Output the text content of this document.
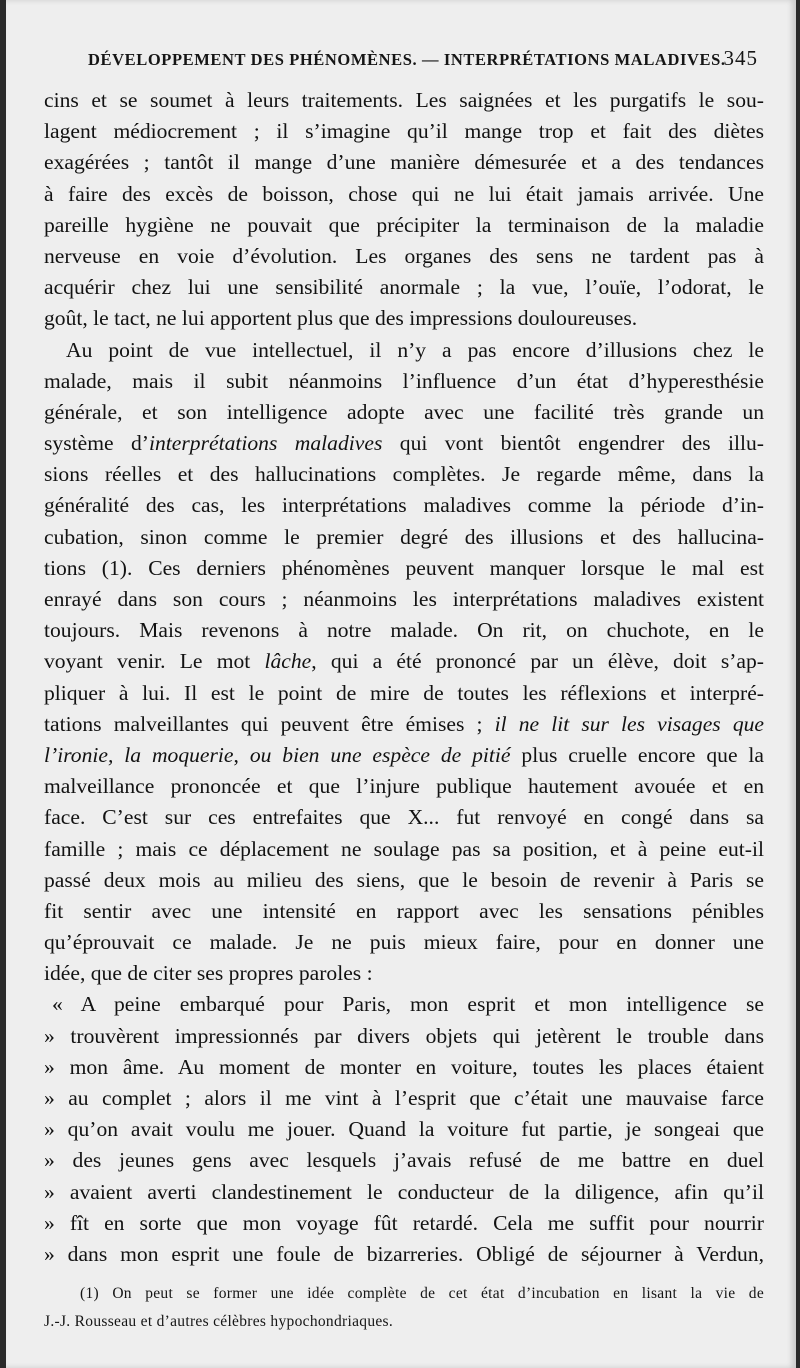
DÉVELOPPEMENT DES PHÉNOMÈNES. — INTERPRÉTATIONS MALADIVES.
345
cins et se soumet à leurs traitements. Les saignées et les purgatifs le sou-
lagent médiocrement ; il s’imagine qu’il mange trop et fait des diètes
exagérées ; tantôt il mange d’une manière démesurée et a des tendances
à faire des excès de boisson, chose qui ne lui était jamais arrivée. Une
pareille hygiène ne pouvait que précipiter la terminaison de la maladie
nerveuse en voie d’évolution. Les organes des sens ne tardent pas à
acquérir chez lui une sensibilité anormale ; la vue, l’ouïe, l’odorat, le
goût, le tact, ne lui apportent plus que des impressions douloureuses.
Au point de vue intellectuel, il n’y a pas encore d’illusions chez le
malade, mais il subit néanmoins l’influence d’un état d’hyperesthésie
générale, et son intelligence adopte avec une facilité très grande un
système d’interprétations maladives qui vont bientôt engendrer des illu-
sions réelles et des hallucinations complètes. Je regarde même, dans la
généralité des cas, les interprétations maladives comme la période d’in-
cubation, sinon comme le premier degré des illusions et des hallucina-
tions (1). Ces derniers phénomènes peuvent manquer lorsque le mal est
enrayé dans son cours ; néanmoins les interprétations maladives existent
toujours. Mais revenons à notre malade. On rit, on chuchote, en le
voyant venir. Le mot lâche, qui a été prononcé par un élève, doit s’ap-
pliquer à lui. Il est le point de mire de toutes les réflexions et interpré-
tations malveillantes qui peuvent être émises ; il ne lit sur les visages que
l’ironie, la moquerie, ou bien une espèce de pitié plus cruelle encore que la
malveillance prononcée et que l’injure publique hautement avouée et en
face. C’est sur ces entrefaites que X... fut renvoyé en congé dans sa
famille ; mais ce déplacement ne soulage pas sa position, et à peine eut-il
passé deux mois au milieu des siens, que le besoin de revenir à Paris se
fit sentir avec une intensité en rapport avec les sensations pénibles
qu’éprouvait ce malade. Je ne puis mieux faire, pour en donner une
idée, que de citer ses propres paroles :
« A peine embarqué pour Paris, mon esprit et mon intelligence se
» trouvèrent impressionnés par divers objets qui jetèrent le trouble dans
» mon âme. Au moment de monter en voiture, toutes les places étaient
» au complet ; alors il me vint à l’esprit que c’était une mauvaise farce
» qu’on avait voulu me jouer. Quand la voiture fut partie, je songeai que
» des jeunes gens avec lesquels j’avais refusé de me battre en duel
» avaient averti clandestinement le conducteur de la diligence, afin qu’il
» fît en sorte que mon voyage fût retardé. Cela me suffit pour nourrir
» dans mon esprit une foule de bizarreries. Obligé de séjourner à Verdun,
(1) On peut se former une idée complète de cet état d’incubation en lisant la vie de
J.-J. Rousseau et d’autres célèbres hypochondriaques.
